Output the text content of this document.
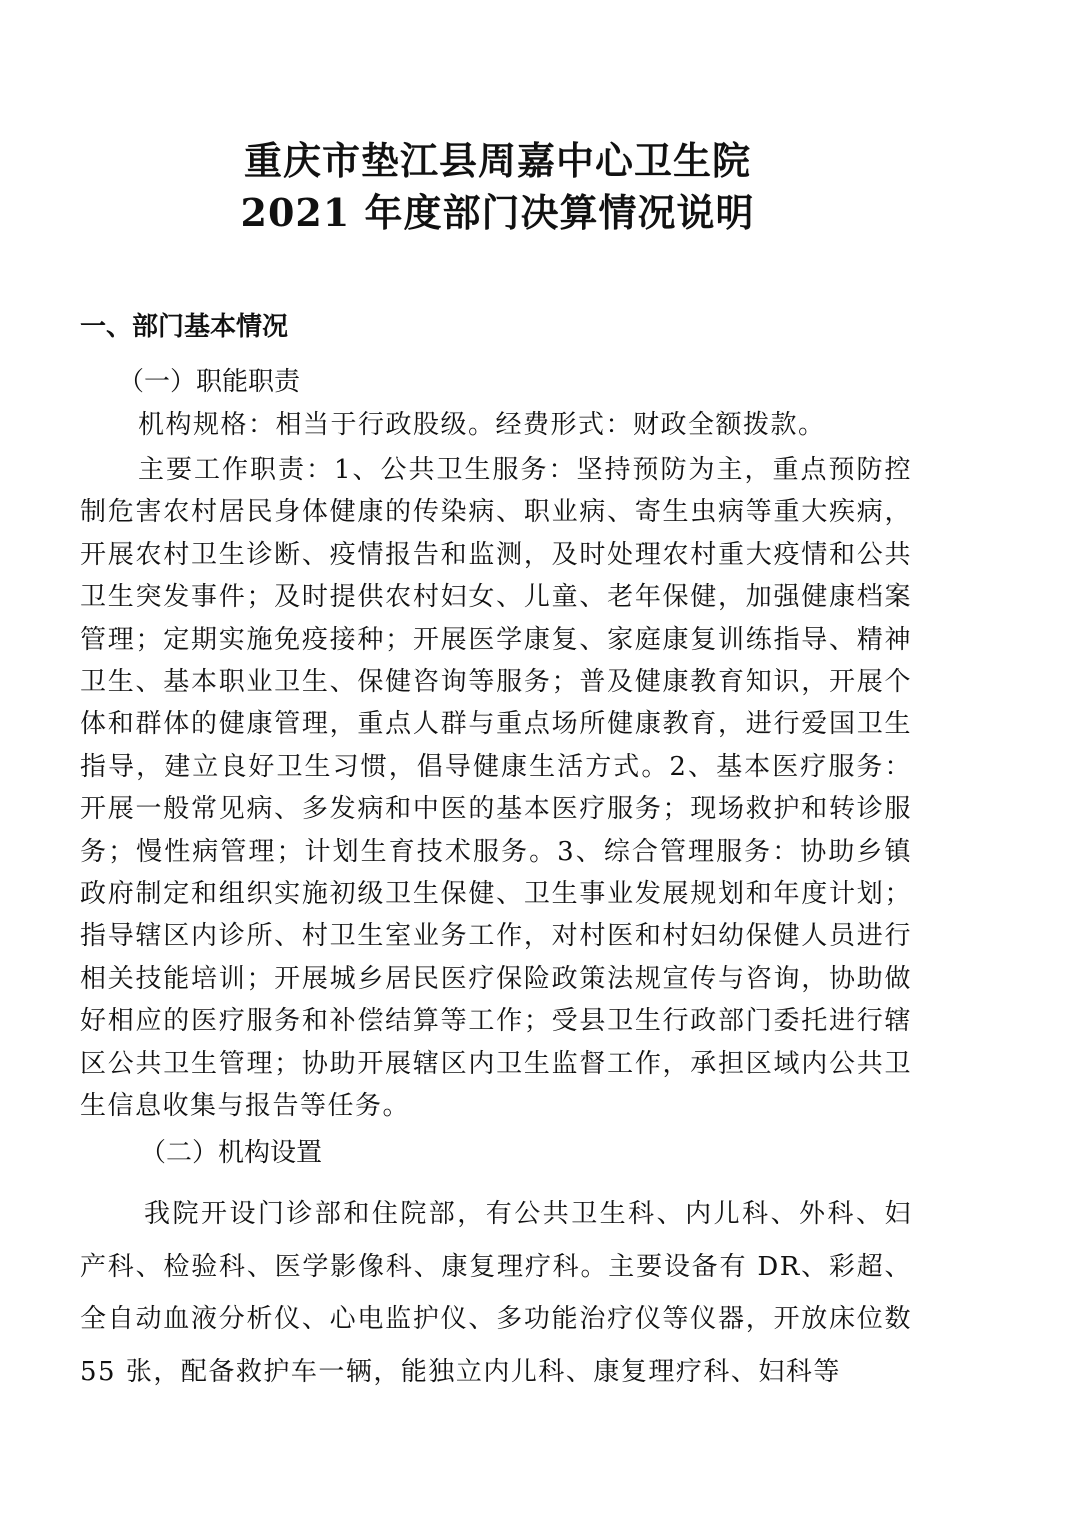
重庆市垫江县周嘉中心卫生院
2021 年度部门决算情况说明
一、部门基本情况
（一）职能职责
机构规格：相当于行政股级。经费形式：财政全额拨款。
主要工作职责：1、公共卫生服务：坚持预防为主，重点预防控制危害农村居民身体健康的传染病、职业病、寄生虫病等重大疾病，开展农村卫生诊断、疫情报告和监测，及时处理农村重大疫情和公共卫生突发事件；及时提供农村妇女、儿童、老年保健，加强健康档案管理；定期实施免疫接种；开展医学康复、家庭康复训练指导、精神卫生、基本职业卫生、保健咨询等服务；普及健康教育知识，开展个体和群体的健康管理，重点人群与重点场所健康教育，进行爱国卫生指导，建立良好卫生习惯，倡导健康生活方式。2、基本医疗服务：开展一般常见病、多发病和中医的基本医疗服务；现场救护和转诊服务；慢性病管理；计划生育技术服务。3、综合管理服务：协助乡镇政府制定和组织实施初级卫生保健、卫生事业发展规划和年度计划；指导辖区内诊所、村卫生室业务工作，对村医和村妇幼保健人员进行相关技能培训；开展城乡居民医疗保险政策法规宣传与咨询，协助做好相应的医疗服务和补偿结算等工作；受县卫生行政部门委托进行辖区公共卫生管理；协助开展辖区内卫生监督工作，承担区域内公共卫生信息收集与报告等任务。
（二）机构设置
我院开设门诊部和住院部，有公共卫生科、内儿科、外科、妇产科、检验科、医学影像科、康复理疗科。主要设备有 DR、彩超、全自动血液分析仪、心电监护仪、多功能治疗仪等仪器，开放床位数 55 张，配备救护车一辆，能独立内儿科、康复理疗科、妇科等
